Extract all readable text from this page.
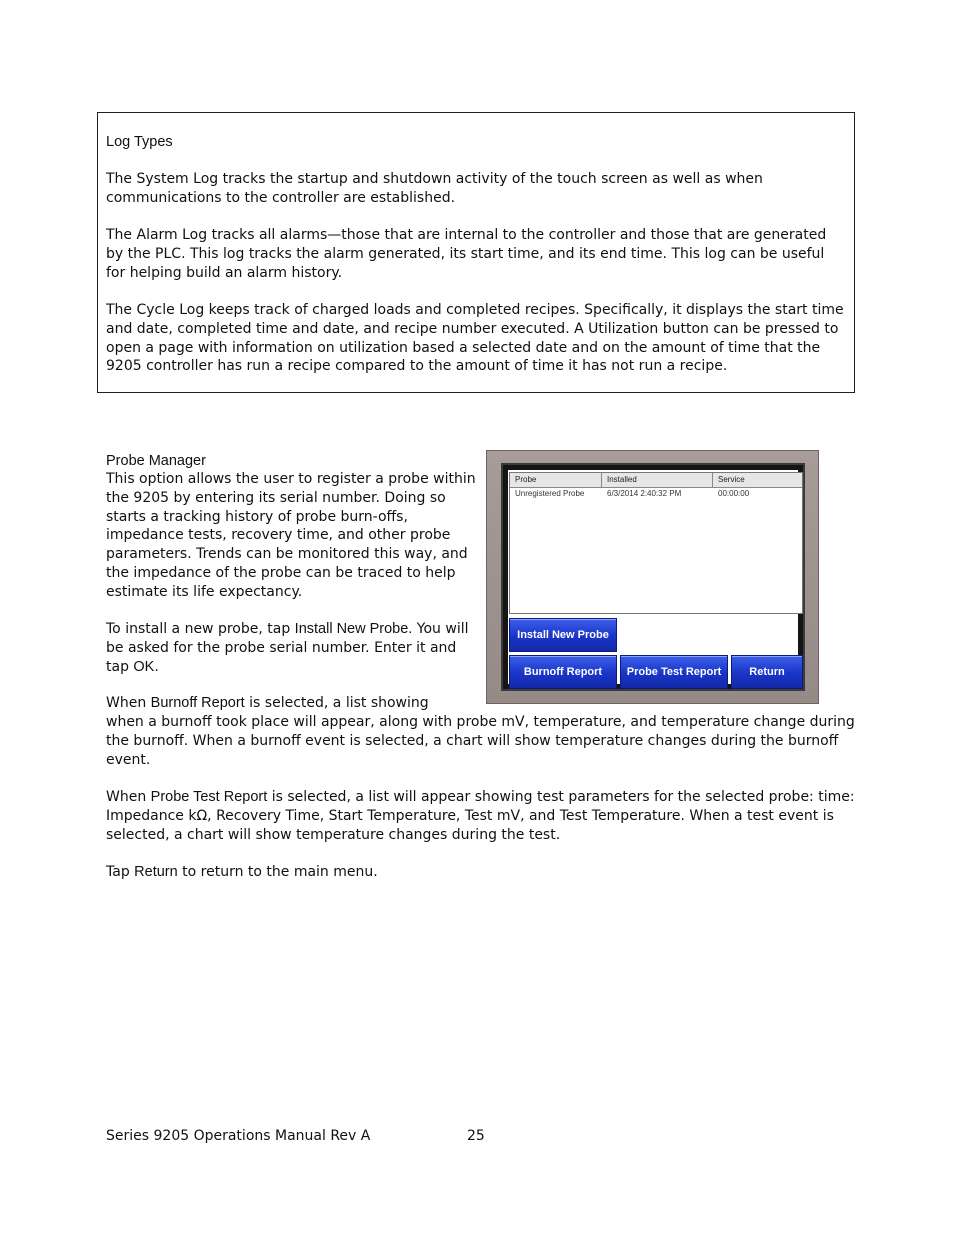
Log Types

The System Log tracks the startup and shutdown activity of the touch screen as well as when communications to the controller are established.

The Alarm Log tracks all alarms—those that are internal to the controller and those that are generated by the PLC. This log tracks the alarm generated, its start time, and its end time. This log can be useful for helping build an alarm history.

The Cycle Log keeps track of charged loads and completed recipes. Specifically, it displays the start time and date, completed time and date, and recipe number executed. A Utilization button can be pressed to open a page with information on utilization based a selected date and on the amount of time that the 9205 controller has run a recipe compared to the amount of time it has not run a recipe.

Probe Manager

This option allows the user to register a probe within the 9205 by entering its serial number. Doing so starts a tracking history of probe burn-offs, impedance tests, recovery time, and other probe parameters. Trends can be monitored this way, and the impedance of the probe can be traced to help estimate its life expectancy.

To install a new probe, tap Install New Probe. You will be asked for the probe serial number. Enter it and tap OK.

When Burnoff Report is selected, a list showing

when a burnoff took place will appear, along with probe mV, temperature, and temperature change during the burnoff. When a burnoff event is selected, a chart will show temperature changes during the burnoff event.

When Probe Test Report is selected, a list will appear showing test parameters for the selected probe: time: Impedance kΩ, Recovery Time, Start Temperature, Test mV, and Test Temperature. When a test event is selected, a chart will show temperature changes during the test.

Tap Return to return to the main menu.

Probe	Installed	Service
Unregistered Probe	6/3/2014 2:40:32 PM	00:00:00
Install New Probe
Burnoff Report	Probe Test Report	Return

Series 9205 Operations Manual Rev A	25
